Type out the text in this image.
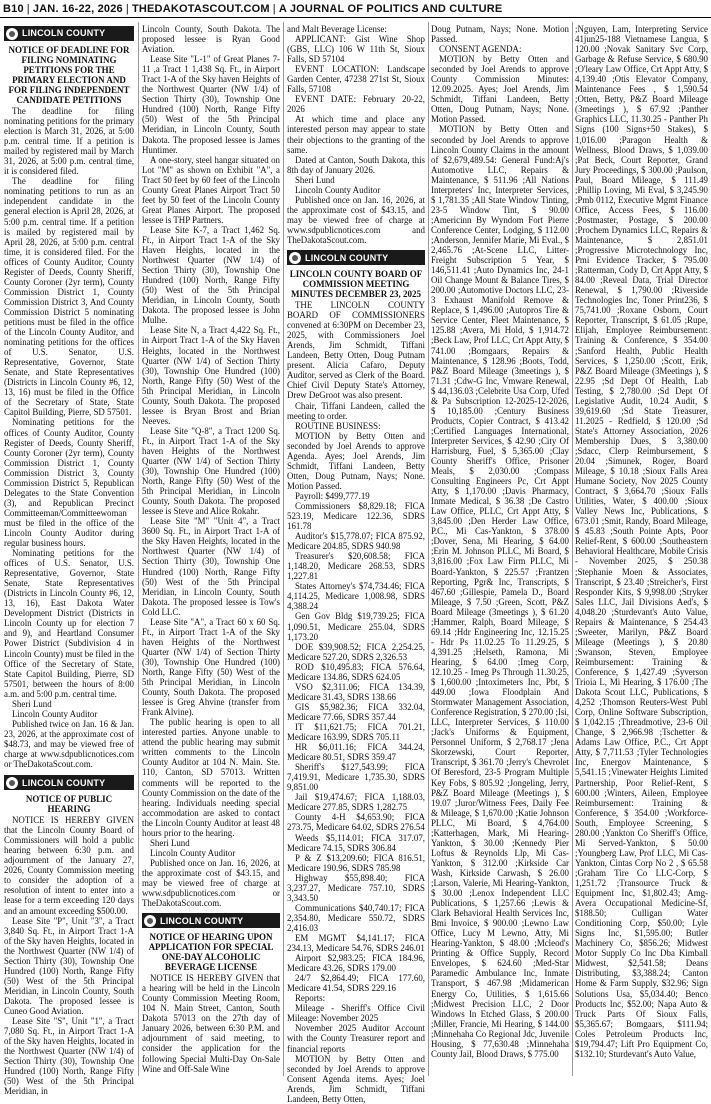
B10 | JAN. 16-22, 2026 | THEDAKOTASCOUT.COM | A JOURNAL OF POLITICS AND CULTURE
LINCOLN COUNTY
NOTICE OF DEADLINE FOR FILING NOMINATING PETITIONS FOR THE PRIMARY ELECTION AND FOR FILING INDEPENDENT CANDIDATE PETITIONS

The deadline for filing nominating petitions for the primary election is March 31, 2026, at 5:00 p.m. central time. If a petition is mailed by registered mail by March 31, 2026, at 5:00 p.m. central time, it is considered filed.

The deadline for filing nominating petitions to run as an independent candidate in the general election is April 28, 2026, at 5:00 p.m. central time. If a petition is mailed by registered mail by April 28, 2026, at 5:00 p.m. central time, it is considered filed. For the offices of County Auditor, County Register of Deeds, County Sheriff, County Coroner (2yr term), County Commission District 1, County Commission District 3, And County Commission District 5 nominating petitions must be filed in the office of the Lincoln County Auditor, and nominating petitions for the offices of U.S. Senator, U.S. Representative, Governor, State Senate, and State Representatives (Districts in Lincoln County #6, 12, 13, 16) must be filed in the Office of the Secretary of State, State Capitol Building, Pierre, SD 57501.

Nominating petitions for the offices of County Auditor, County Register of Deeds, County Sheriff, County Coroner (2yr term), County Commission District 1, County Commission District 3, County Commission District 5, Republican Delegates to the State Convention (3), and Republican Precinct Committeeman/Committeewoman must be filed in the office of the Lincoln County Auditor during regular business hours.

Nominating petitions for the offices of U.S. Senator, U.S. Representative, Governor, State Senate, State Representatives (Districts in Lincoln County #6, 12, 13, 16), East Dakota Water Development District (Districts in Lincoln County up for election 7 and 9), and Heartland Consumer Power District (Subdivision 4 in Lincoln County) must be filed in the Office of the Secretary of State, State Capitol Building, Pierre, SD 57501, between the hours of 8:00 a.m. and 5:00 p.m. central time.

Sheri Lund

Lincoln County Auditor

Published twice on Jan. 16 & Jan. 23, 2026, at the approximate cost of $48.73, and may be viewed free of charge at www.sdpublicnotices.com or TheDakotaScout.com.

LINCOLN COUNTY
NOTICE OF PUBLIC HEARING

NOTICE IS HEREBY GIVEN that the Lincoln County Board of Commissioners will hold a public hearing between 6:30 p.m. and adjournment of the January 27, 2026, County Commission meeting to consider the adoption of a resolution of intent to enter into a lease for a term exceeding 120 days and an amount exceeding $500.00.

Lease Site "P", Unit "3", a Tract 3,840 Sq. Ft., in Airport Tract 1-A of the Sky haven Heights, located in the Northwest Quarter (NW 1/4) of Section Thirty (30), Township One Hundred (100) North, Range Fifty (50) West of the 5th Principal Meridian, in Lincoln County, South Dakota. The proposed lessee is Cuneo Good Aviation.

Lease Site "S", Unit "1", a Tract 7,080 Sq. Ft., in Airport Tract 1-A of the Sky haven Heights, located in the Northwest Quarter (NW 1/4) of Section Thirty (30), Township One Hundred (100) North, Range Fifty (50) West of the 5th Principal Meridian, in

Lincoln County, South Dakota. The proposed lessee is Ryan Good Aviation.

Lease Site "L-1" of Great Planes 7-11 ,a Tract 1 1,438 Sq. Ft., in Airport Tract 1-A of the Sky haven Heights of the Northwest Quarter (NW 1/4) of Section Thirty (30), Township One Hundred (100) North, Range Fifty (50) West of the 5th Principal Meridian, in Lincoln County, South Dakota. The proposed lessee is James Huntimer.

A one-story, steel hangar situated on Lot "M" as shown on Exhibit "A", a Tract 50 feet by 60 feet of the Lincoln County Great Planes Airport Tract 50 feet by 50 feet of the Lincoln County Great Planes Airport. The proposed lessee is THP Partners.

Lease Site K-7, a Tract 1,462 Sq. Ft., in Airport Tract 1-A of the Sky Haven Heights, located in the Northwest Quarter (NW 1/4) of Section Thirty (30), Township One Hundred (100) North, Range Fifty (50) West of the 5th Principal Meridian, in Lincoln County, South Dakota. The proposed lessee is John Mulhe.

Lease Site N, a Tract 4,422 Sq. Ft., in Airport Tract 1-A of the Sky Haven Heights, located in the Northwest Quarter (NW 1/4) of Section Thirty (30), Township One Hundred (100) North, Range Fifty (50) West of the 5th Principal Meridian, in Lincoln County, South Dakota. The proposed lessee is Bryan Brost and Brian Neeves.

Lease Site "Q-8", a Tract 1200 Sq. Ft., in Airport Tract 1-A of the Sky haven Heights of the Northwest Quarter (NW 1/4) of Section Thirty (30), Township One Hundred (100) North, Range Fifty (50) West of the 5th Principal Meridian, in Lincoln County, South Dakota. The proposed lessee is Steve and Alice Rokahr.

Lease Site "M" "Unit 4", a Tract 3600 Sq. Ft., in Airport Tract 1-A of the Sky Haven Heights, located in the Northwest Quarter (NW 1/4) of Section Thirty (30), Township One Hundred (100) North, Range Fifty (50) West of the 5th Principal Meridian, in Lincoln County, South Dakota. The proposed lessee is Tow's Cold LLC.

Lease Site "A", a Tract 60 x 60 Sq. Ft., in Airport Tract 1-A of the Sky haven Heights of the Northwest Quarter (NW 1/4) of Section Thirty (30), Township One Hundred (100) North, Range Fifty (50) West of the 5th Principal Meridian, in Lincoln County, South Dakota. The proposed lessee is Greg Ahvine (transfer from Frank Alvine).

The public hearing is open to all interested parties. Anyone unable to attend the public hearing may submit written comments to the Lincoln County Auditor at 104 N. Main. Ste. 110, Canton, SD 57013. Written comments will be reported to the County Commission on the date of the hearing. Individuals needing special accommodation are asked to contact the Lincoln County Auditor at least 48 hours prior to the hearing.

Sheri Lund

Lincoln County Auditor

Published once on Jan. 16, 2026, at the approximate cost of $43.15, and may be viewed free of charge at www.sdpublicnotices.com or TheDakotaScout.com.

LINCOLN COUNTY
NOTICE OF HEARING UPON APPLICATION FOR SPECIAL ONE-DAY ALCOHOLIC BEVERAGE LICENSE

NOTICE IS HEREBY GIVEN that a hearing will be held in the Lincoln County Commission Meeting Room, 104 N. Main Street, Canton, South Dakota 57013 on the 27th day of January 2026, between 6:30 P.M. and adjournment of said meeting, to consider the application for the following Special Multi-Day On-Sale Wine and Off-Sale Wine

and Malt Beverage License:

APPLICANT: Gist Wine Shop (GBS, LLC) 106 W 11th St, Sioux Falls, SD 57104

EVENT LOCATION: Landscape Garden Center, 47238 271st St, Sioux Falls, 57108

EVENT DATE: February 20-22, 2026

At which time and place any interested person may appear to state their objections to the granting of the same.

Dated at Canton, South Dakota, this 8th day of January 2026.

Sheri Lund

Lincoln County Auditor

Published once on Jan. 16, 2026, at the approximate cost of $43.15, and may be viewed free of charge at www.sdpublicnotices.com and TheDakotaScout.com.

LINCOLN COUNTY
LINCOLN COUNTY BOARD OF COMMISSION MEETING MINUTES DECEMBER 23, 2025

THE LINCOLN COUNTY BOARD OF COMMISSIONERS convened at 6:30PM on December 23, 2025, with Commissioners Joel Arends, Jim Schmidt, Tiffani Landeen, Betty Otten, Doug Putnam present. Alicia Cafaro, Deputy Auditor, served as Clerk of the Board. Chief Civil Deputy State's Attorney, Drew DeGroot was also present.

Chair, Tiffani Landeen, called the meeting to order.

ROUTINE BUSINESS:

MOTION by Betty Otten and seconded by Joel Arends to approve Agenda. Ayes; Joel Arends, Jim Schmidt, Tiffani Landeen, Betty Otten, Doug Putnam, Nays; None. Motion Passed.

Payroll: $499,777.19

Commissioners $8,829.18; FICA 523.19, Medicare 122.36, SDRS 161.78

Auditor's $15,778.07; FICA 875.92, Medicare 204.85, SDRS 940.98

Treasurer's $20,608.58; FICA 1,148.20, Medicare 268.53, SDRS 1,227.81

States Attorney's $74,734.46; FICA 4,114.25, Medicare 1,008.98, SDRS 4,388.24

Gen Gov Bldg $19,739.25; FICA 1,090.51, Medicare 255.04, SDRS 1,173.20

DOE $39,908.52; FICA 2,254.25, Medicare 527.20, SDRS 2,326.53

ROD $10,495.83; FICA 576.64, Medicare 134.86, SDRS 624.05

VSO $2,311.06; FICA 134.39, Medicare 31.43, SDRS 138.66

GIS $5,982.36; FICA 332.04, Medicare 77.66, SDRS 357.44

IT $11,621.75; FICA 701.21, Medicare 163.99, SDRS 705.11

HR $6,011.16; FICA 344.24, Medicare 80.51, SDRS 359.47

Sheriff's $127,543.99; FICA 7,419.91, Medicare 1,735.30, SDRS 9,851.00

Jail $19,474.67; FICA 1,188.03, Medicare 277.85, SDRS 1,282.75

County 4-H $4,653.90; FICA 273.75, Medicare 64.02, SDRS 276.54

Weeds $5,114.01; FICA 317.07, Medicare 74.15, SDRS 306.84

P & Z $13,209.60; FICA 816.51, Medicare 190.96, SDRS 785.98

Highway $55,898.40; FICA 3,237.27, Medicare 757.10, SDRS 3,343.50

Communications $40,740.17; FICA 2,354.80, Medicare 550.72, SDRS 2,416.03

EM MGMT $4,141.17; FICA 234.13, Medicare 54.76, SDRS 246.01

Airport $2,983.25; FICA 184.96, Medicare 43.26, SDRS 179.00

24/7 $2,864.49; FICA 177.60, Medicare 41.54, SDRS 229.16

Reports:

Mileage - Sheriff's Office Civil Mileage: November 2025

November 2025 Auditor Account with the County Treasurer report and financial reports

MOTION by Betty Otten and seconded by Joel Arends to approve Consent Agenda items. Ayes; Joel Arends, Jim Schmidt, Tiffani Landeen, Betty Otten,

Doug Putnam, Nays; None. Motion Passed.

CONSENT AGENDA:

MOTION by Betty Otten and seconded by Joel Arends to approve County Commission Minutes: 12.09.2025. Ayes; Joel Arends, Jim Schmidt, Tiffani Landeen, Betty Otten, Doug Putnam, Nays; None. Motion Passed.

MOTION by Betty Otten and seconded by Joel Arends to approve Lincoln County Claims in the amount of $2,679,489.54: General Fund:Aj's Automotive LLC, Repairs & Maintenance, $ 511.96 ;All Nations Interpreters' Inc, Interpreter Services, $ 1,781.35 ;All State Window Tinting, 23-5 Window Tint, $ 90.00 ;Americinn By Wyndom Fort Pierre Conference Center, Lodging, $ 112.00 ;Anderson, Jennifer Marie, Mi Eval., $ 2,465.76 ;At-Scene LLC, Litter-Freight Subscription 5 Year, $ 146,511.41 ;Auto Dynamics Inc, 24-1 Oil Change Mount & Balance Tires, $ 200.00 ;Automotive Doctors LLC, 23-3 Exhaust Manifold Remove & Replace, $ 1,496.00 ;Autopros Tire & Service Center, Fleet Maintenance, $ 125.88 ;Avera, Mi Hold, $ 1,914.72 ;Beck Law, Prof LLC, Crt Appt Atty, $ 741.00 ;Bomgaars, Repairs & Maintenance, $ 128.96 ;Boots, Todd, P&Z Board Mileage (3meetings ), $ 71.31 ;Cdw-G Inc, Vmware Renewal, $ 44,136.03 ;Celebrite Usa Corp, Ufed & Pa Subscription 12-2025-12-2026, $ 10,185.00 ;Century Business Products, Copier Contract, $ 413.42 ;Certified Languages International, Interpreter Services, $ 42.90 ;City Of Harrisburg, Fuel, $ 5,365.00 ;Clay County Sheriff's Office, Prisoner Meals, $ 2,030.00 ;Compass Consulting Engineers Pc, Crt Appt Atty, $ 1,170.00 ;Davis Pharmacy, Inmate Medical, $ 36.38 ;De Castro Law Office, PLLC, Crt Appt Atty, $ 3,845.00 ;Den Herder Law Office, P.C., Mi Cas-Yankton, $ 378.00 ;Dover, Sena, Mi Hearing, $ 64.00 ;Erin M. Johnson PLLC, Mi Board, $ 3,816.00 ;Fox Law Firm PLLC, Mi Board-Yankton, $ 225.57 ;Frantzen Reporting, Pgr& Inc, Transcripts, $ 467.60 ;Gillespie, Pamela D., Board Mileage, $ 7.50 ;Green, Scott, P&Z Board Mileage (3meetings ), $ 61.20 ;Hammer, Ralph, Board Mileage, $ 69.14 ;Hdr Engineering Inc, 12.15.25 - Hdr Ps 11.02.25 To 11.29.25, $ 4,391.25 ;Helseth, Ramona, Mi Hearing, $ 64.00 ;Imeg Corp, 12.10.25 - Imeg Ps Through 11.30.25, $ 1,600.00 ;Intoximeters Inc, Pbt, $ 449.00 ;Iowa Floodplain And Stormwater Management Association, Conference Registration, $ 270.00 ;Isi, LLC, Interpreter Services, $ 110.00 ;Jack's Uniforms & Equipment, Personnel Uniform, $ 2,768.17 ;Jena Skorzewski, Court Reporter, Transcript, $ 361.70 ;Jerry's Chevrolet Of Beresford, 23-5 Program Multiple Key Fobs, $ 805.92 ;Jongeling, Jerry, P&Z Board Mileage (Meetings ), $ 19.07 ;Juror/Witness Fees, Daily Fee & Mileage, $ 1,670.00 ;Katie Johnson PLLC, Mi Board, $ 4,764.00 ;Katterhagen, Mark, Mi Hearing-Yankton, $ 30.00 ;Kennedy Pier Loftus & Reynolds Llp, Mi Cas-Yankton, $ 312.00 ;Kirkside Car Wash, Kirkside Carwash, $ 26.00 ;Larson, Valerie, Mi Hearing-Yankton, $ 30.00 ;Lenox Independent LLC Publications, $ 1,257.66 ;Lewis & Clark Behavioral Health Services Inc, Bmi Invoice, $ 900.00 ;Lewno Law Office, Lucy M Lewno, Atty, Mi Hearing-Yankton, $ 48.00 ;Mcleod's Printing & Office Supply, Record Envelopes, $ 624.60 ;Med-Star Paramedic Ambulance Inc, Inmate Transport, $ 467.98 ;Midamerican Energy Co, Utilities, $ 1,615.66 ;Midwest Precision LLC, 2 Door Windows In Etched Glass, $ 200.00 ;Miller, Francie, Mi Hearing, $ 144.00 ;Minnehaha Co Regional Jdc, Juvenile Housing, $ 77,630.48 ;Minnehaha County Jail, Blood Draws, $ 775.00

;Nguyen, Lam, Interpreting Service 41jun25-188 Vietnamese Langua, $ 120.00 ;Novak Sanitary Svc Corp, Garbage & Refuse Service, $ 680.90 ;O'leary Law Office, Crt Appt Atty, $ 4,139.40 ;Otis Elevator Company, Maintenance Fees , $ 1,590.54 ;Otten, Betty, P&Z Board Mileage (3meetings ), $ 67.92 ;Panther Graphics LLC, 11.30.25 - Panther Ph Signs (100 Signs+50 Stakes), $ 1,016.00 ;Paragon Health & Wellness, Blood Draws, $ 1,039.00 ;Pat Beck, Court Reporter, Grand Jury Proceedings, $ 300.00 ;Paulson, Paul, Board Mileage, $ 111.49 ;Phillip Loving, Mi Eval, $ 3,245.90 ;Pmb 0112, Executive Mgmt Finance Office, Access Fees, $ 116.00 ;Postmaster, Postage, $ 200.00 ;Prochem Dynamics LLC, Repairs & Maintenance, $ 2,851.01 ;Progressive Microtechnology Inc, Pmi Evidence Tracker, $ 795.00 ;Ratterman, Cody D, Crt Appt Atty, $ 84.00 ;Reveal Data, Trial Director Renewal, $ 1,790.00 ;Riverside Technologies Inc, Toner Print236, $ 75,741.00 ;Roxane Osborn, Court Reporter, Transcript, $ 61.05 ;Rupe, Elijah, Employee Reimbursement: Training & Conference, $ 354.00 ;Sanford Health, Public Health Services, $ 1,250.00 ;Scott, Erik, P&Z Board Mileage (3Meetings ), $ 22.95 ;Sd Dept Of Health, Lab Testing, $ 2,780.00 ;Sd Dept Of Legislative Audit, 10.24 Audit, $ 39,619.60 ;Sd State Treasurer, 11.2025 - Redfield, $ 120.00 ;Sd State's Attorney Association, 2026 Membership Dues, $ 3,380.00 ;Sdacc, Clerp Reimbursement, $ 20.04 ;Simunek, Roger, Board Mileage, $ 10.18 ;Sioux Falls Area Humane Society, Nov 2025 County Contract, $ 3,664.70 ;Sioux Falls Utilities, Water, $ 400.00 ;Sioux Valley News Inc, Publications, $ 673.01 ;Smit, Randy, Board Mileage, $ 45.83 ;South Pointe Apts, Poor Relief-Rent, $ 600.00 ;Southeastern Behavioral Healthcare, Mobile Crisis - November 2025, $ 250.38 ;Stephanie Moen & Associates, Transcript, $ 23.40 ;Streicher's, First Responder Kits, $ 9,998.00 ;Stryker Sales LLC, Jail Divisions Aed's, $ 4,048.20 ;Sturdevant's Auto Value, Repairs & Maintenance, $ 254.43 ;Sweeter, Marilyn, P&Z Board Mileage (Meetings ), $ 20.80 ;Swanson, Steven, Employee Reimbursement: Training & Conference, $ 1,427.49 ;Syverson Trioia L, Mi Hearing, $ 176.00 ;The Dakota Scout LLC, Publications, $ 4,252 ;Thomson Reuters-West Publ Corp, Online Software Subscription, $ 1,042.15 ;Threadmotive, 23-6 Oil Change, $ 2,966.98 ;Tschetter & Adams Law Office, P.C., Crt Appt Atty, $ 7,711.53 ;Tyler Technologies Inc, Energov Maintenance, $ 5,541.15 ;Vinewater Heights Limited Partnership, Poor Relief-Rent, $ 600.00 ;Winters, Aileen, Employee Reimbursement: Training & Conference, $ 354.00 ;Workforce-South, Employee Screening, $ 280.00 ;Yankton Co Sheriff's Office, Mi Served-Yankton, $ 50.00 ;Youngberg Law, Prof LLC, Mi Cas-Yankton, Cintas Corp No 2 , $ 65.58 ;Graham Tire Co LLC-Corp, $ 1,251.72 ;Transource Truck & Equipment Inc, $1,802.43; Amg- Avera Occupational Medicine-Sf, $188.50; Culligan Water Conditioning Corp, $50.00; Lyle Signs Inc, $1,595.00; Butler Machinery Co, $856.26; Midwest Motor Supply Co Inc Dba Kimball Midwest, $2,541.58; Deans Distributing, $3,388.24; Canton Home & Farm Supply, $32.96; Sign Solutions Usa, $5,034.40; Benco Products Inc, $52.00; Napa Auto & Truck Parts Of Sioux Falls, $5,365.67; Bomgaars, $111.94; Coles Petroleum Products Inc, $19,794.47; Lift Pro Equipment Co, $132.10; Sturdevant's Auto Value,
